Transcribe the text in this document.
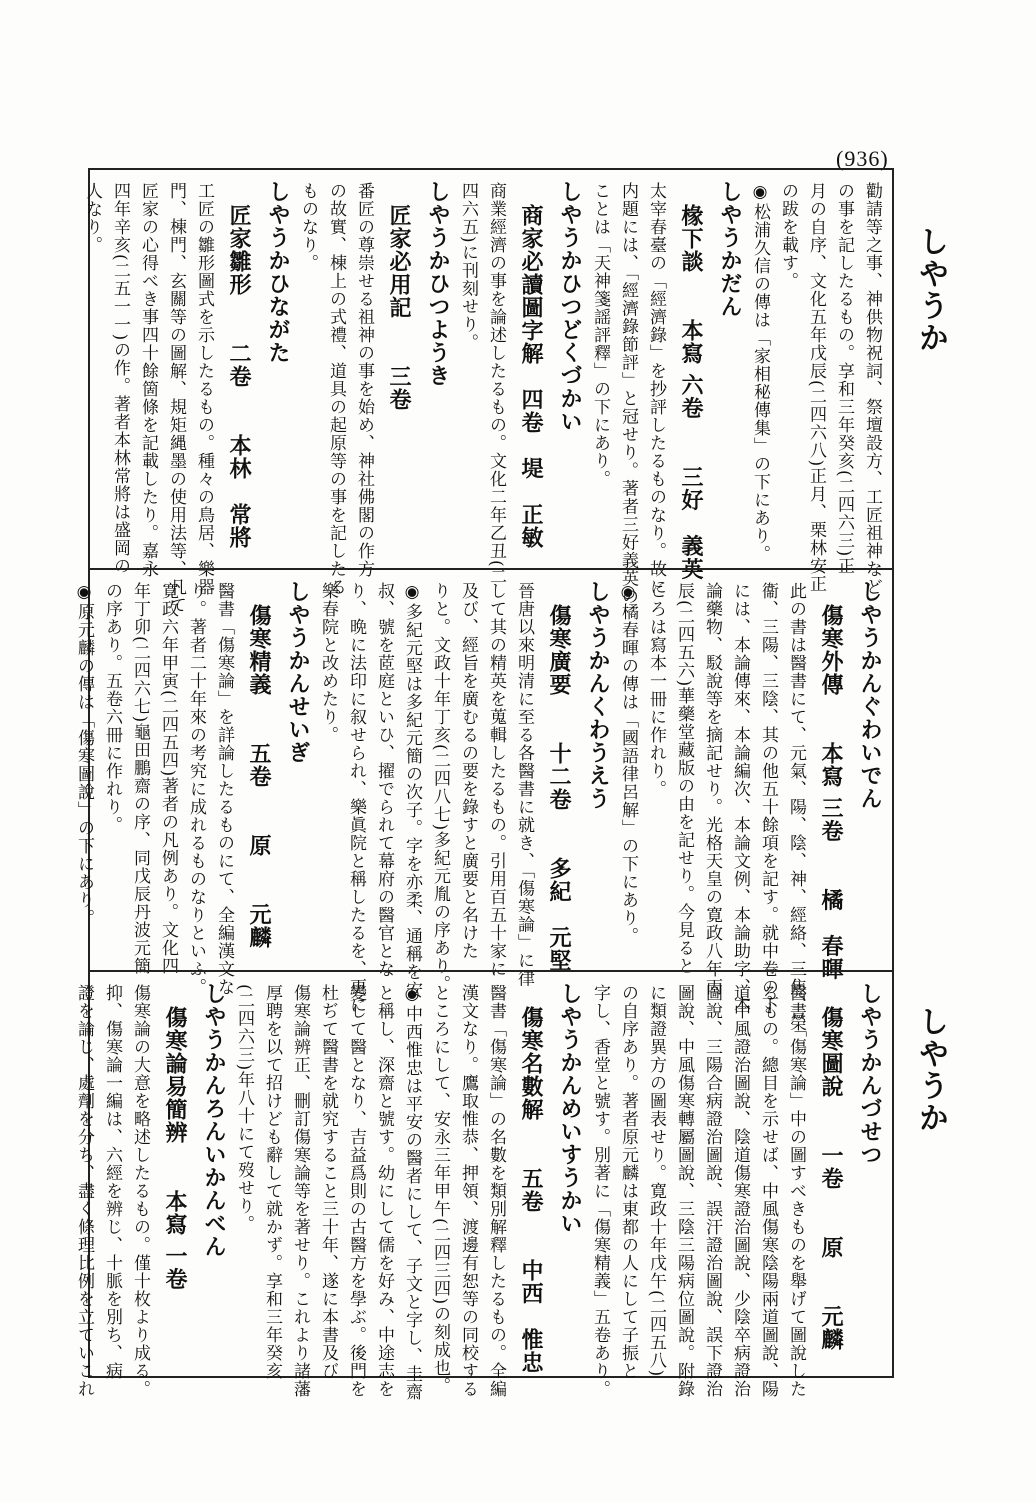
(936)
しやうか
しやうか
勸請等之事、神供物祝詞、祭壇設方、工匠祖神など
の事を記したるもの。享和三年癸亥(二四六三)正
月の自序、文化五年戊辰(二四六八)正月、栗林安正
の跋を載す。
◉松浦久信の傳は「家相秘傳集」の下にあり。
しやうかだん
椽下談　　本寫 六卷　　三好　義英
太宰春臺の「經濟錄」を抄評したるものなり。故に
内題には、「經濟錄節評」と冠せり。著者三好義英の
ことは「天神箋謡評釋」の下にあり。
しやうかひつどくづかい
商家必讀圖字解　四卷　堤　正敏
商業經濟の事を論述したるもの。文化二年乙丑(二
四六五)に刊刻せり。
しやうかひつようき
匠家必用記　　三卷
番匠の尊崇せる祖神の事を始め、神社佛閣の作方
の故實、棟上の式禮、道具の起原等の事を記したる
ものなり。
しやうかひながた
匠家雛形　　二卷　　本林　常將
工匠の雛形圖式を示したるもの。種々の鳥居、樂器
門、棟門、玄關等の圖解、規矩縄墨の使用法等、凡て
匠家の心得べき事四十餘箇條を記載したり。嘉永
四年辛亥(二五一一)の作。著者本林常將は盛岡の
人なり。
しやうかんぐわいでん
傷寒外傳　　本寫 三卷　　橘　春暉
此の書は醫書にて、元氣、陽、陰、神、經絡、三焦、榮
衞、三陽、三陰、其の他五十餘項を記す。就中卷の下
には、本論傳來、本論編次、本論文例、本論助字、本
論藥物、駁說等を摘記せり。光格天皇の寛政八年丙
辰(二四五六)華藥堂藏版の由を記せり。今見ると
ころは寫本一冊に作れり。
◉橘春暉の傳は「國語律呂解」の下にあり。
しやうかんくわうえう
傷寒廣要　　十二卷　　多紀　元堅
晉唐以來明清に至る各醫書に就き、「傷寒論」に律
して其の精英を蒐輯したるもの。引用百五十家に
及び、經旨を廣むるの要を錄すと廣要と名けた
りと。文政十年丁亥(二四八七)多紀元胤の序あり。
◉多紀元堅は多紀元簡の次子。字を亦柔、通稱を安
叔、號を茝庭といひ、擢でられて幕府の醫官とな
り、晩に法印に叙せられ、樂眞院と稱したるを、更に
樂春院と改めたり。
しやうかんせいぎ
傷寒精義　　五卷　　原　　元麟
醫書「傷寒論」を詳論したるものにて、全編漢文な
り。著者二十年來の考究に成れるものなりといふ。
寛政六年甲寅(二四五四)著者の凡例あり。文化四
年丁卯(二四六七)龜田鵬齋の序、同戊辰丹波元簡
の序あり。五卷六冊に作れり。
◉原元麟の傳は「傷寒圖說」の下にあり。
しやうかんづせつ
傷寒圖說　　一卷　　原　　元麟
醫書「傷寒論」中の圖すべきものを舉げて圖說した
るもの。總目を示せば、中風傷寒陰陽兩道圖說、陽
道中風證治圖說、陰道傷寒證治圖說、少陰卒病證治
圖說、三陽合病證治圖說、誤汗證治圖說、誤下證治
圖說、中風傷寒轉屬圖說、三陰三陽病位圖說。附錄
に類證異方の圖表せり。寛政十年戊午(二四五八)
の自序あり。著者原元麟は東都の人にして子振と
字し、香堂と號す。別著に「傷寒精義」五卷あり。
しやうかんめいすうかい
傷寒名數解　　五卷　　中西　惟忠
醫書「傷寒論」の名數を類別解釋したるもの。全編
漢文なり。鷹取惟恭、押領、渡邊有恕等の同校する
ところにして、安永三年甲午(二四三四)の刻成也。
◉中西惟忠は平安の醫者にして、子文と字し、圭齋
と稱し、深齋と號す。幼にして儒を好み、中途志を
變して醫となり、吉益爲則の古醫方を學ぶ。後門を
杜ぢて醫書を就究すること三十年、遂に本書及び
傷寒論辨正、刪訂傷寒論等を著せり。これより諸藩
厚聘を以て招けども辭して就かず。享和三年癸亥
(二四六三)年八十にて歿せり。
しやうかんろんいかんべん
傷寒論易簡辨　　本寫 一卷
傷寒論の大意を略述したるもの。僅十枚より成る。
抑、傷寒論一編は、六經を辨じ、十脈を別ち、病
證を論じ、處劑を分ち、盡く條理比例を立ていこれ
